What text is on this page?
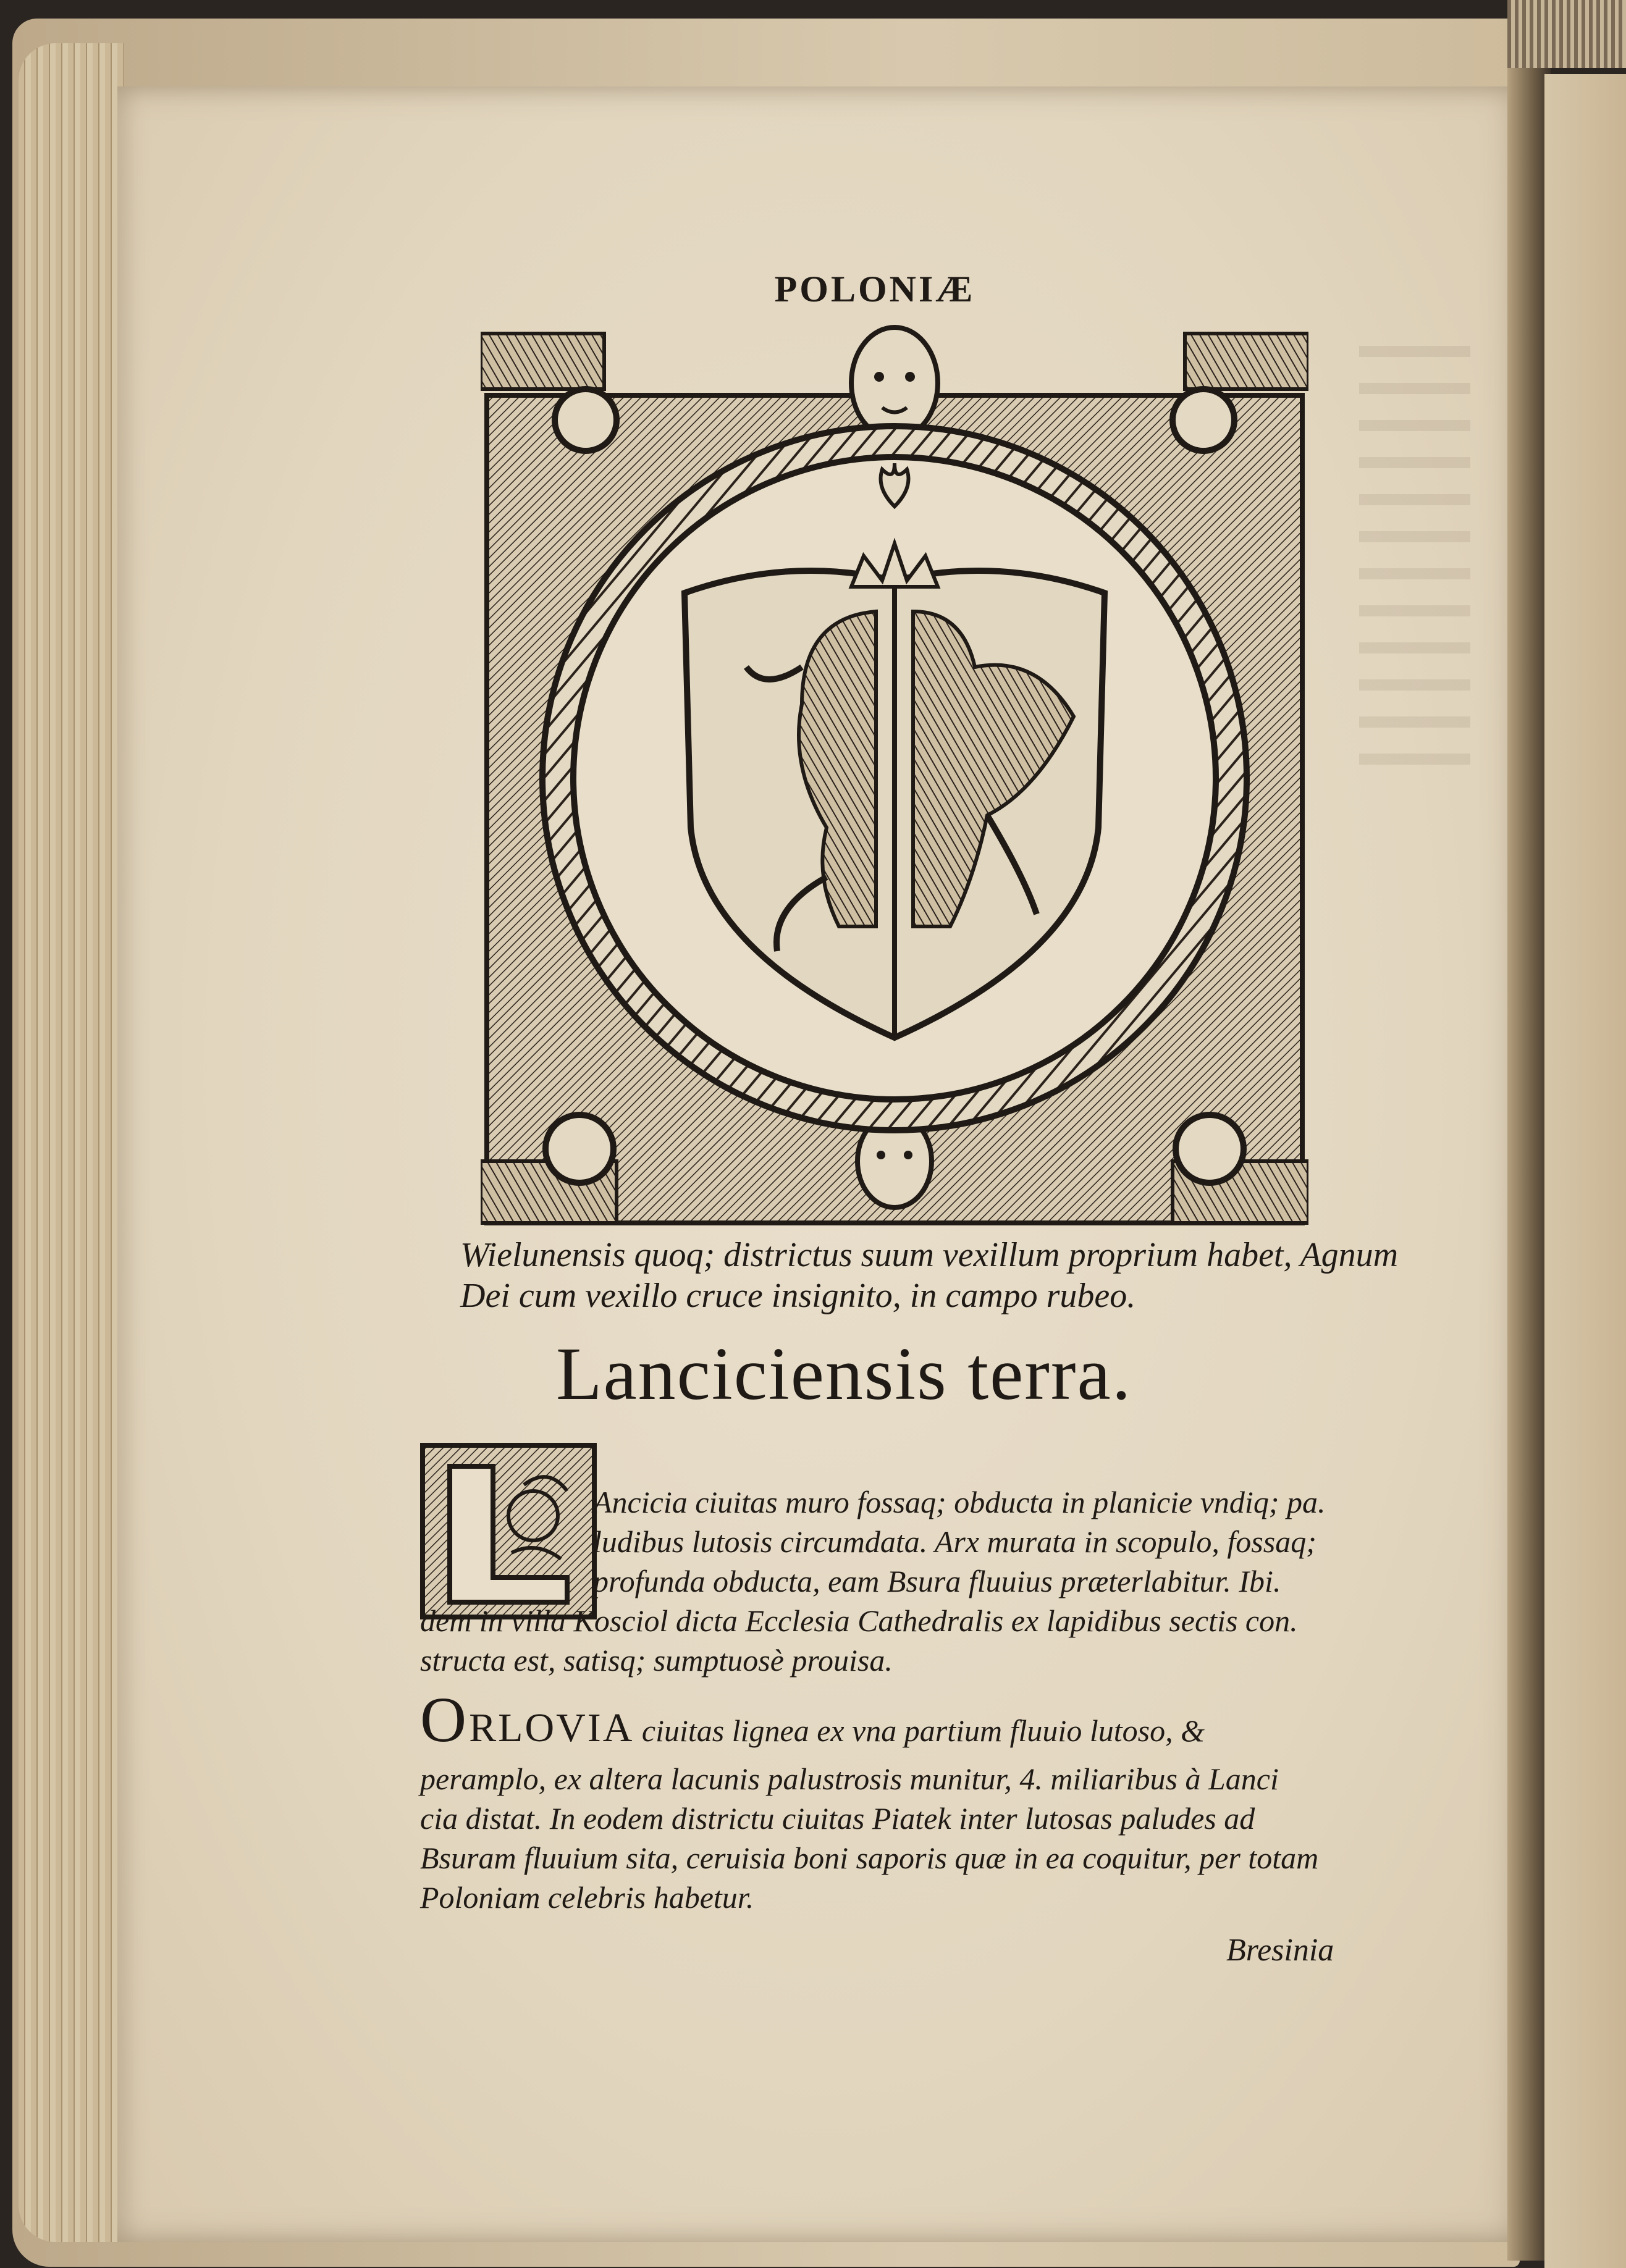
POLONIÆ
Wielunensis quoq; districtus suum vexillum proprium habet, Agnum
Dei cum vexillo cruce insignito, in campo rubeo.
Lanciciensis terra.
Ancicia ciuitas muro fossaq; obducta in planicie vndiq; pa.
ludibus lutosis circumdata. Arx murata in scopulo, fossaq;
profunda obducta, eam Bsura fluuius præterlabitur. Ibi.
dem in villa Kosciol dicta Ecclesia Cathedralis ex lapidibus sectis con.
structa est, satisq; sumptuosè prouisa.
ORLOVIA ciuitas lignea ex vna partium fluuio lutoso, &
peramplo, ex altera lacunis palustrosis munitur, 4. miliaribus à Lanci
cia distat. In eodem districtu ciuitas Piatek inter lutosas paludes ad
Bsuram fluuium sita, ceruisia boni saporis quæ in ea coquitur, per totam
Poloniam celebris habetur.
Bresinia
